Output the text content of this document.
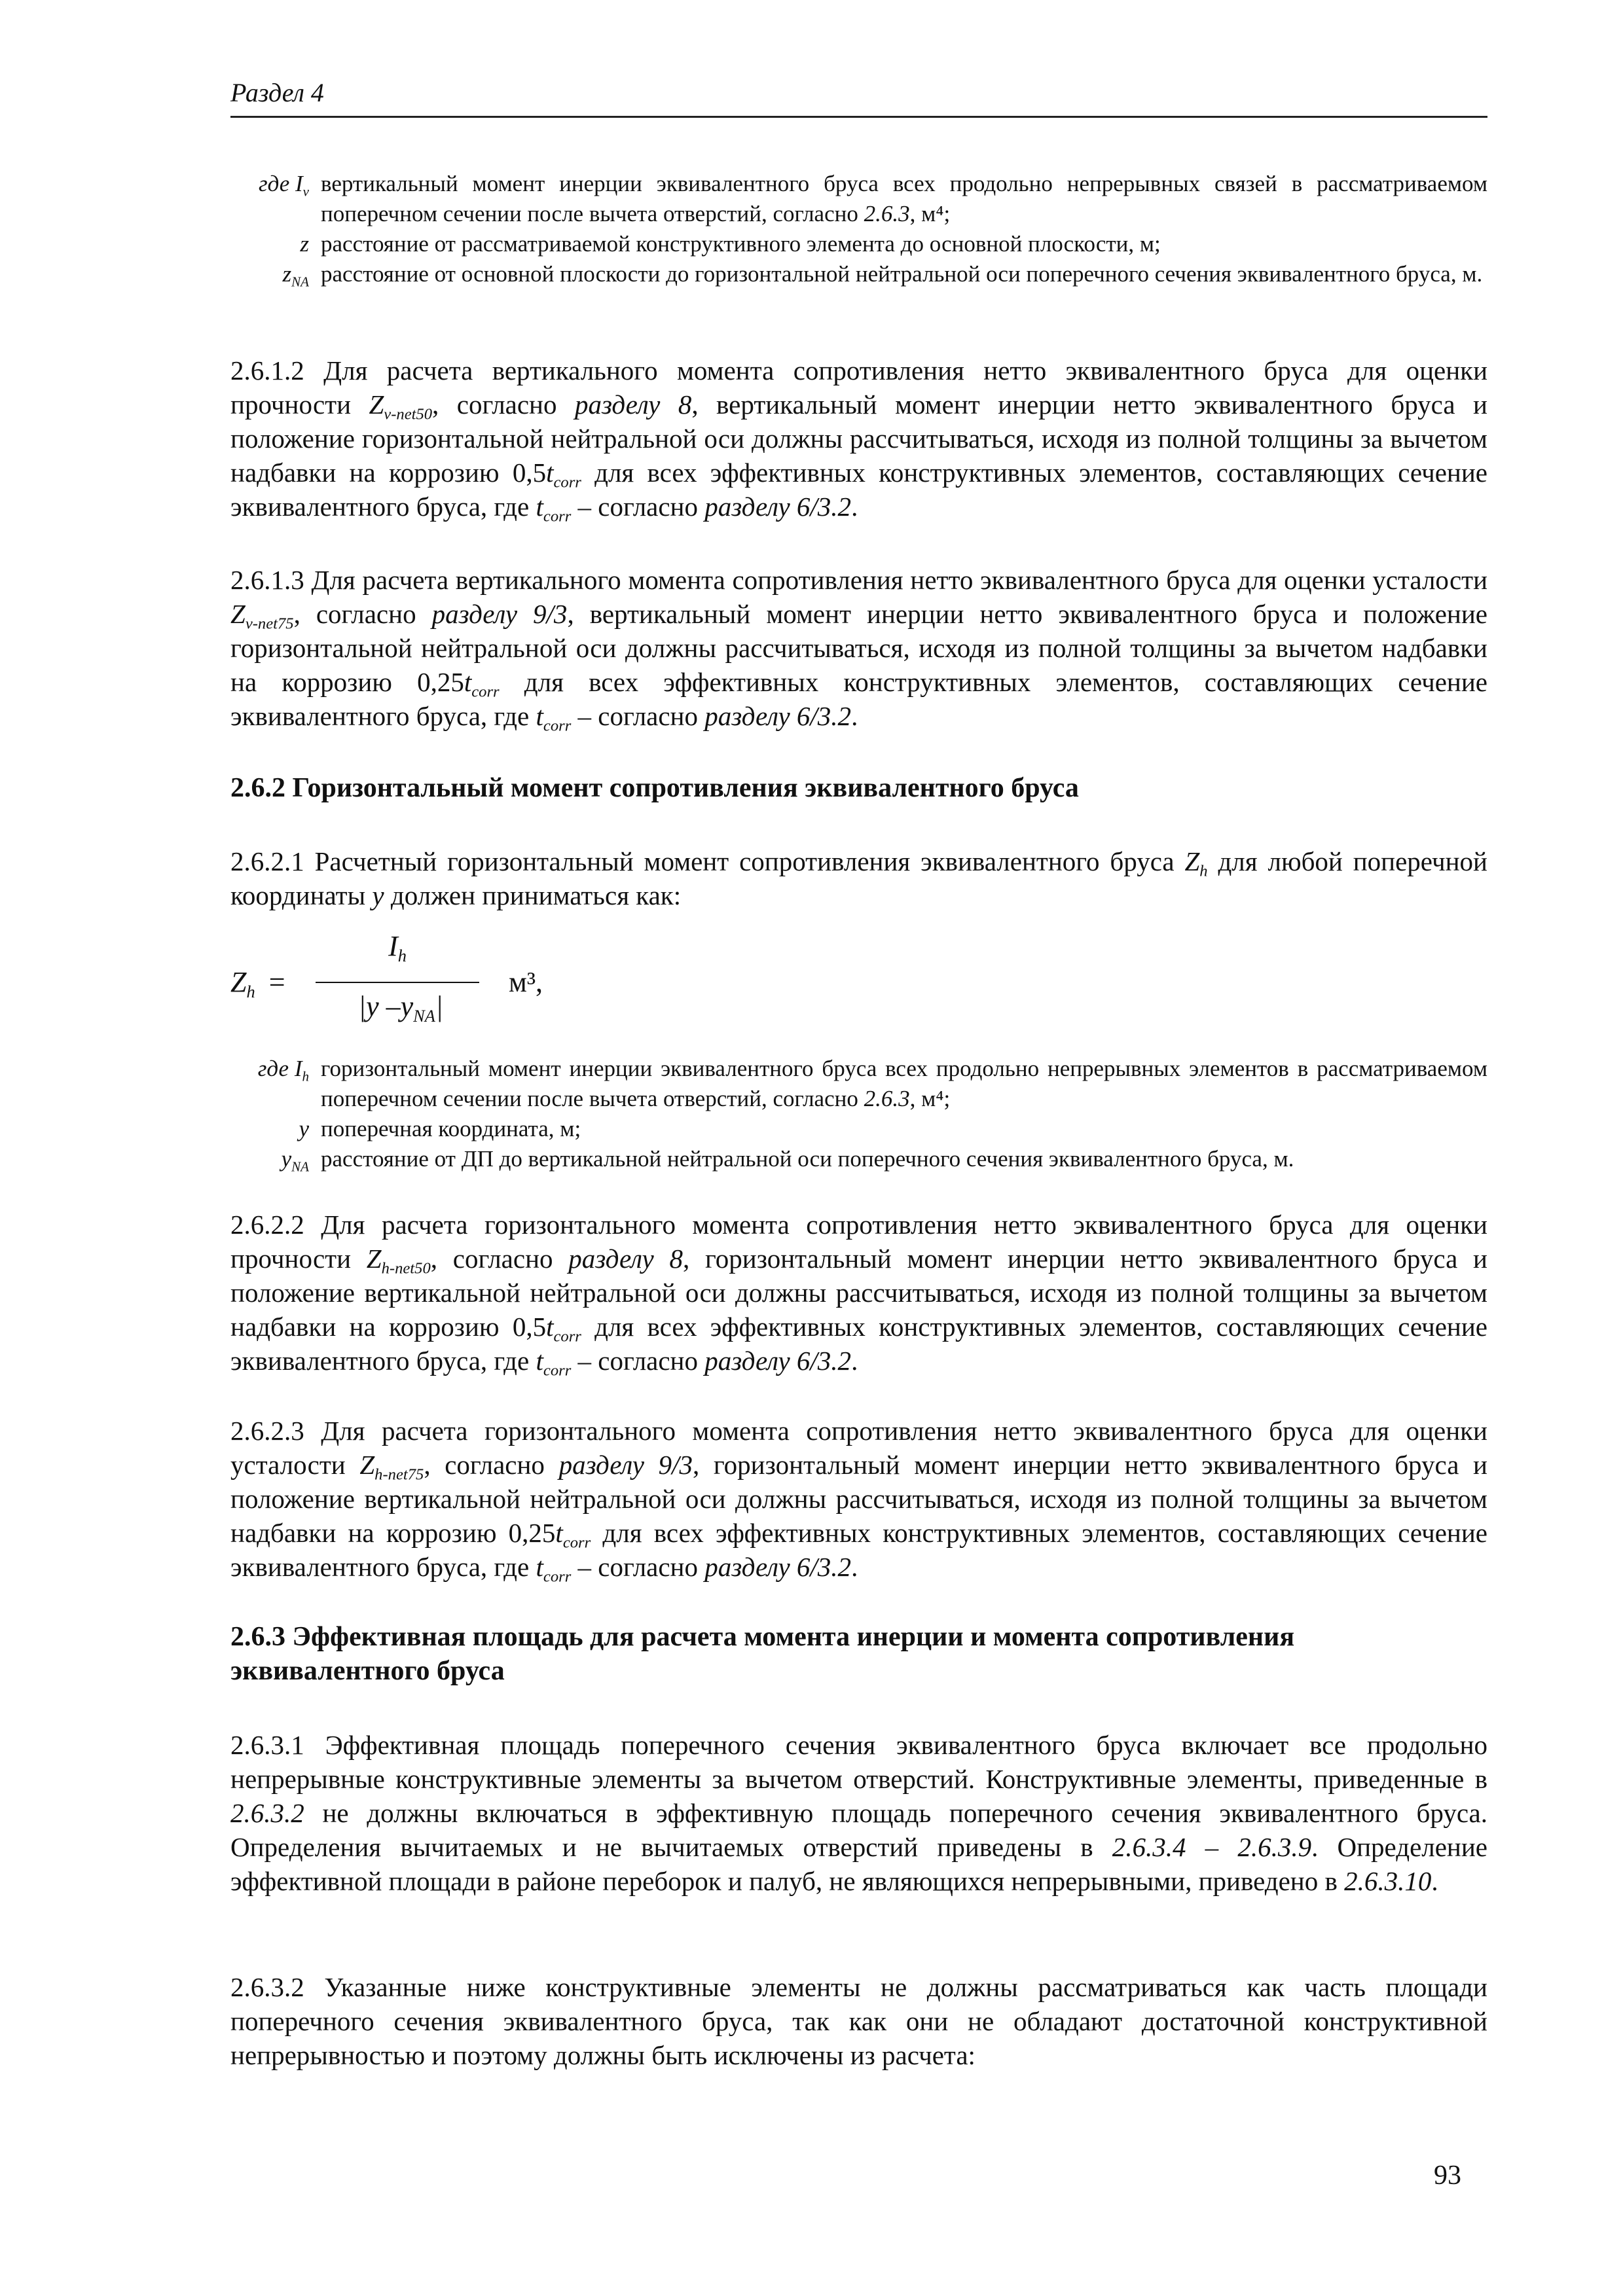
Раздел 4
где $I_v$ вертикальный момент инерции эквивалентного бруса всех продольно непрерывных связей в рассматриваемом поперечном сечении после вычета отверстий, согласно 2.6.3, м⁴;
z расстояние от рассматриваемой конструктивного элемента до основной плоскости, м;
$z_{NA}$ расстояние от основной плоскости до горизонтальной нейтральной оси поперечного сечения эквивалентного бруса, м.
2.6.1.2 Для расчета вертикального момента сопротивления нетто эквивалентного бруса для оценки прочности $Z_{v-net50}$, согласно разделу 8, вертикальный момент инерции нетто эквивалентного бруса и положение горизонтальной нейтральной оси должны рассчитываться, исходя из полной толщины за вычетом надбавки на коррозию $0,5t_{corr}$ для всех эффективных конструктивных элементов, составляющих сечение эквивалентного бруса, где $t_{corr}$ – согласно разделу 6/3.2.
2.6.1.3 Для расчета вертикального момента сопротивления нетто эквивалентного бруса для оценки усталости $Z_{v-net75}$, согласно разделу 9/3, вертикальный момент инерции нетто эквивалентного бруса и положение горизонтальной нейтральной оси должны рассчитываться, исходя из полной толщины за вычетом надбавки на коррозию $0,25t_{corr}$ для всех эффективных конструктивных элементов, составляющих сечение эквивалентного бруса, где $t_{corr}$ – согласно разделу 6/3.2.
2.6.2 Горизонтальный момент сопротивления эквивалентного бруса
2.6.2.1 Расчетный горизонтальный момент сопротивления эквивалентного бруса $Z_h$ для любой поперечной координаты y должен приниматься как:
$Z_h$ =
$I_h$
|y $-y_{NA}|$
м³,
где $I_h$ горизонтальный момент инерции эквивалентного бруса всех продольно непрерывных элементов в рассматриваемом поперечном сечении после вычета отверстий, согласно 2.6.3, м⁴;
y поперечная координата, м;
$y_{NA}$ расстояние от ДП до вертикальной нейтральной оси поперечного сечения эквивалентного бруса, м.
2.6.2.2 Для расчета горизонтального момента сопротивления нетто эквивалентного бруса для оценки прочности $Z_{h-net50}$, согласно разделу 8, горизонтальный момент инерции нетто эквивалентного бруса и положение вертикальной нейтральной оси должны рассчитываться, исходя из полной толщины за вычетом надбавки на коррозию $0,5t_{corr}$ для всех эффективных конструктивных элементов, составляющих сечение эквивалентного бруса, где $t_{corr}$ – согласно разделу 6/3.2.
2.6.2.3 Для расчета горизонтального момента сопротивления нетто эквивалентного бруса для оценки усталости $Z_{h-net75}$, согласно разделу 9/3, горизонтальный момент инерции нетто эквивалентного бруса и положение вертикальной нейтральной оси должны рассчитываться, исходя из полной толщины за вычетом надбавки на коррозию $0,25t_{corr}$ для всех эффективных конструктивных элементов, составляющих сечение эквивалентного бруса, где $t_{corr}$ – согласно разделу 6/3.2.
2.6.3 Эффективная площадь для расчета момента инерции и момента сопротивления эквивалентного бруса
2.6.3.1 Эффективная площадь поперечного сечения эквивалентного бруса включает все продольно непрерывные конструктивные элементы за вычетом отверстий. Конструктивные элементы, приведенные в 2.6.3.2 не должны включаться в эффективную площадь поперечного сечения эквивалентного бруса. Определения вычитаемых и не вычитаемых отверстий приведены в 2.6.3.4 – 2.6.3.9. Определение эффективной площади в районе переборок и палуб, не являющихся непрерывными, приведено в 2.6.3.10.
2.6.3.2 Указанные ниже конструктивные элементы не должны рассматриваться как часть площади поперечного сечения эквивалентного бруса, так как они не обладают достаточной конструктивной непрерывностью и поэтому должны быть исключены из расчета:
93
